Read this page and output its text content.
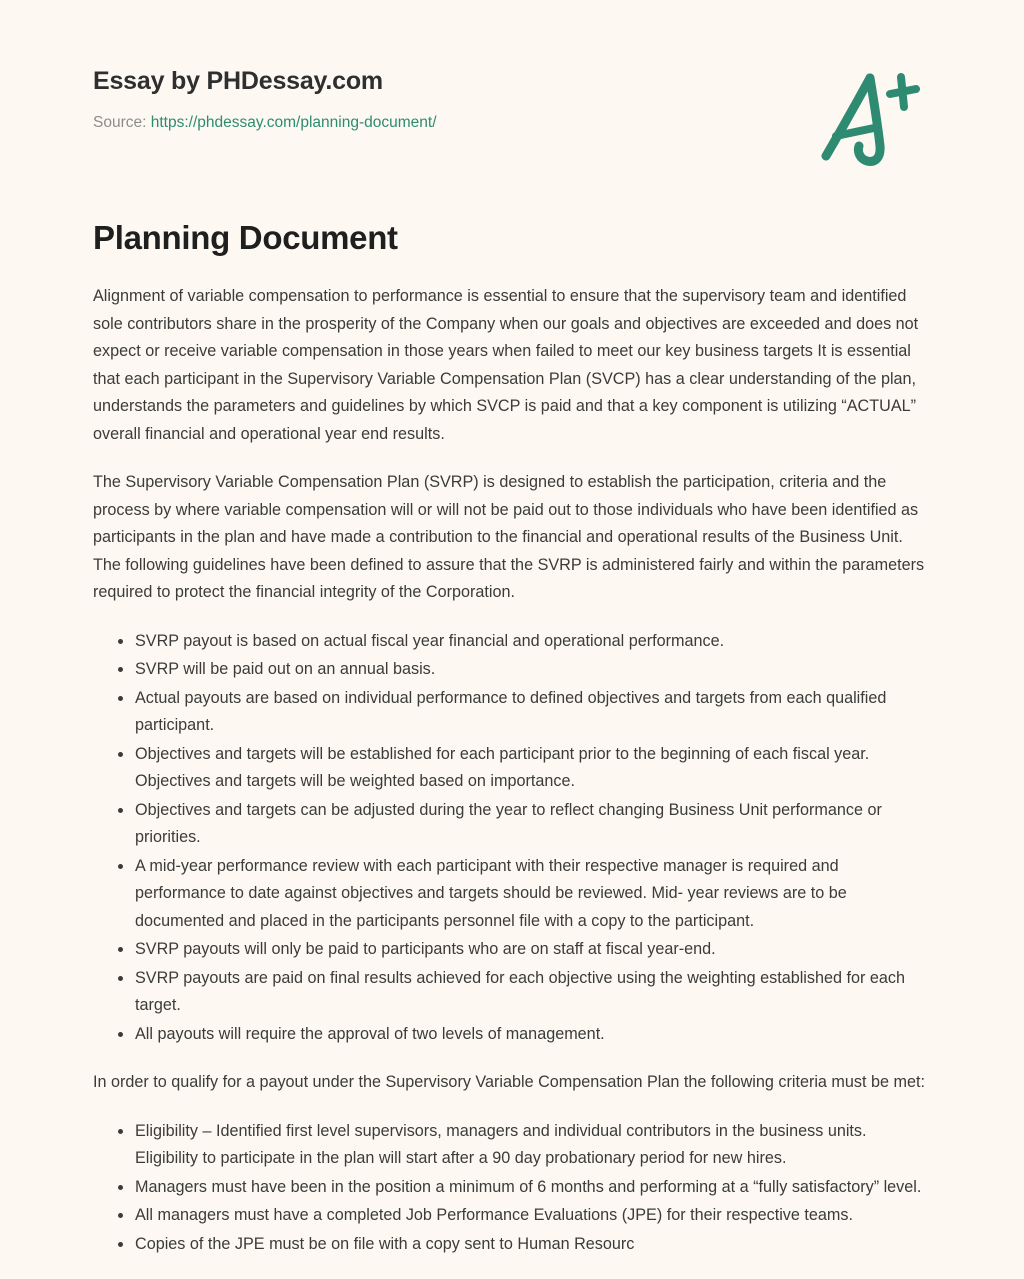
Essay by PHDessay.com
Source: https://phdessay.com/planning-document/
Planning Document

Alignment of variable compensation to performance is essential to ensure that the supervisory team and identified sole contributors share in the prosperity of the Company when our goals and objectives are exceeded and does not expect or receive variable compensation in those years when failed to meet our key business targets It is essential that each participant in the Supervisory Variable Compensation Plan (SVCP) has a clear understanding of the plan, understands the parameters and guidelines by which SVCP is paid and that a key component is utilizing “ACTUAL” overall financial and operational year end results.

The Supervisory Variable Compensation Plan (SVRP) is designed to establish the participation, criteria and the process by where variable compensation will or will not be paid out to those individuals who have been identified as participants in the plan and have made a contribution to the financial and operational results of the Business Unit. The following guidelines have been defined to assure that the SVRP is administered fairly and within the parameters required to protect the financial integrity of the Corporation.

SVRP payout is based on actual fiscal year financial and operational performance.
SVRP will be paid out on an annual basis.
Actual payouts are based on individual performance to defined objectives and targets from each qualified participant.
Objectives and targets will be established for each participant prior to the beginning of each fiscal year. Objectives and targets will be weighted based on importance.
Objectives and targets can be adjusted during the year to reflect changing Business Unit performance or priorities.
A mid-year performance review with each participant with their respective manager is required and performance to date against objectives and targets should be reviewed. Mid- year reviews are to be documented and placed in the participants personnel file with a copy to the participant.
SVRP payouts will only be paid to participants who are on staff at fiscal year-end.
SVRP payouts are paid on final results achieved for each objective using the weighting established for each target.
All payouts will require the approval of two levels of management.

In order to qualify for a payout under the Supervisory Variable Compensation Plan the following criteria must be met:

Eligibility – Identified first level supervisors, managers and individual contributors in the business units. Eligibility to participate in the plan will start after a 90 day probationary period for new hires.
Managers must have been in the position a minimum of 6 months and performing at a “fully satisfactory” level.
All managers must have a completed Job Performance Evaluations (JPE) for their respective teams.
Copies of the JPE must be on file with a copy sent to Human Resourc
